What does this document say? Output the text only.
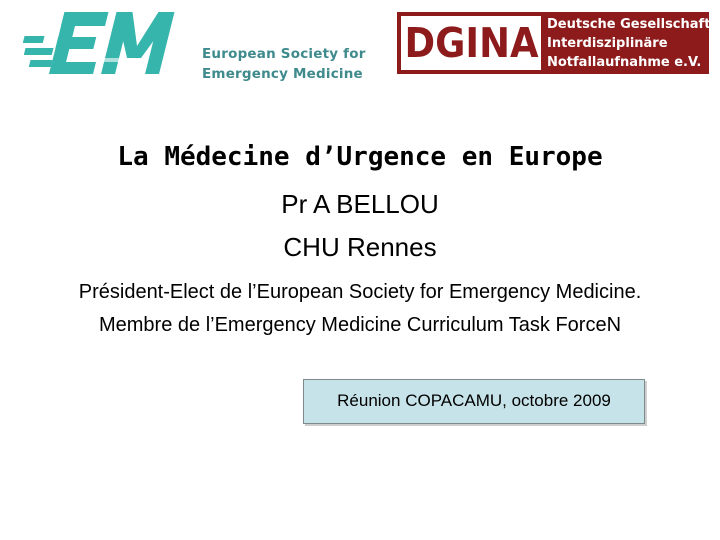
European Society for
Emergency Medicine
DGINA Deutsche Gesellschaft
Interdisziplinäre
Notfallaufnahme e.V.
La Médecine d’Urgence en Europe
Pr A BELLOU
CHU Rennes
Président-Elect de l’European Society for Emergency Medicine.
Membre de l’Emergency Medicine Curriculum Task ForceN
Réunion COPACAMU, octobre 2009
